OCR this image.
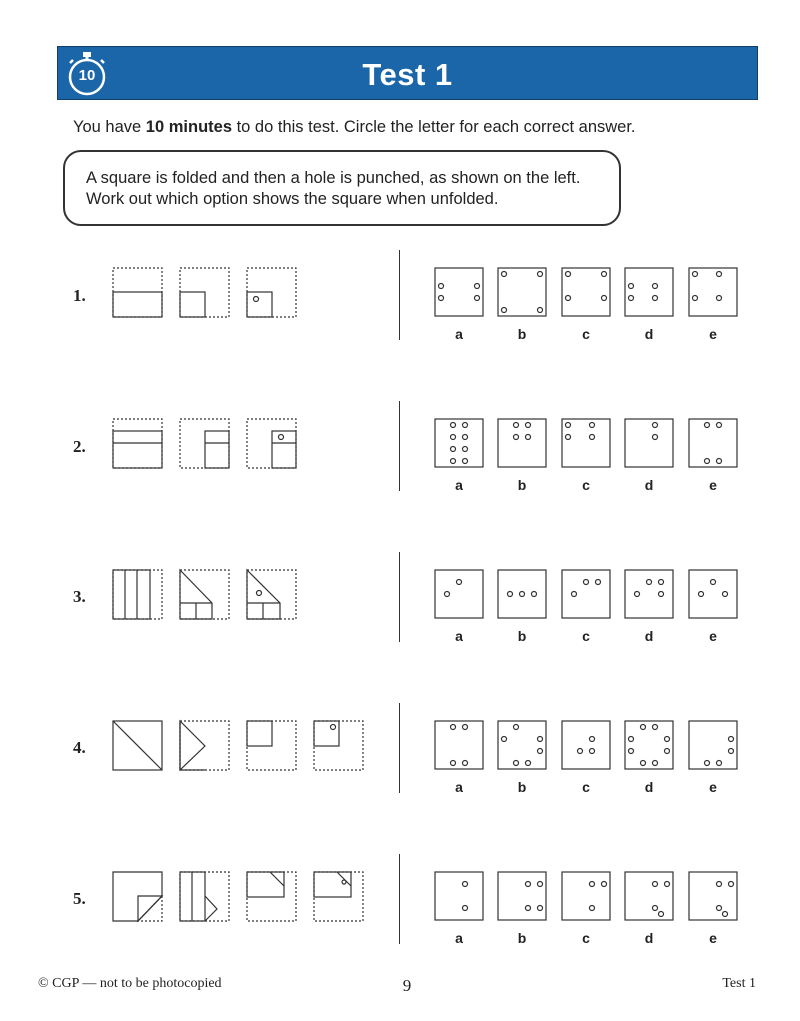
Test 1
10
You have 10 minutes to do this test. Circle the letter for each correct answer.
A square is folded and then a hole is punched, as shown on the left.
Work out which option shows the square when unfolded.
1.
2.
3.
4.
5.
a	b	c	d	e
a	b	c	d	e
a	b	c	d	e
a	b	c	d	e
a	b	c	d	e
© CGP — not to be photocopied	9	Test 1
